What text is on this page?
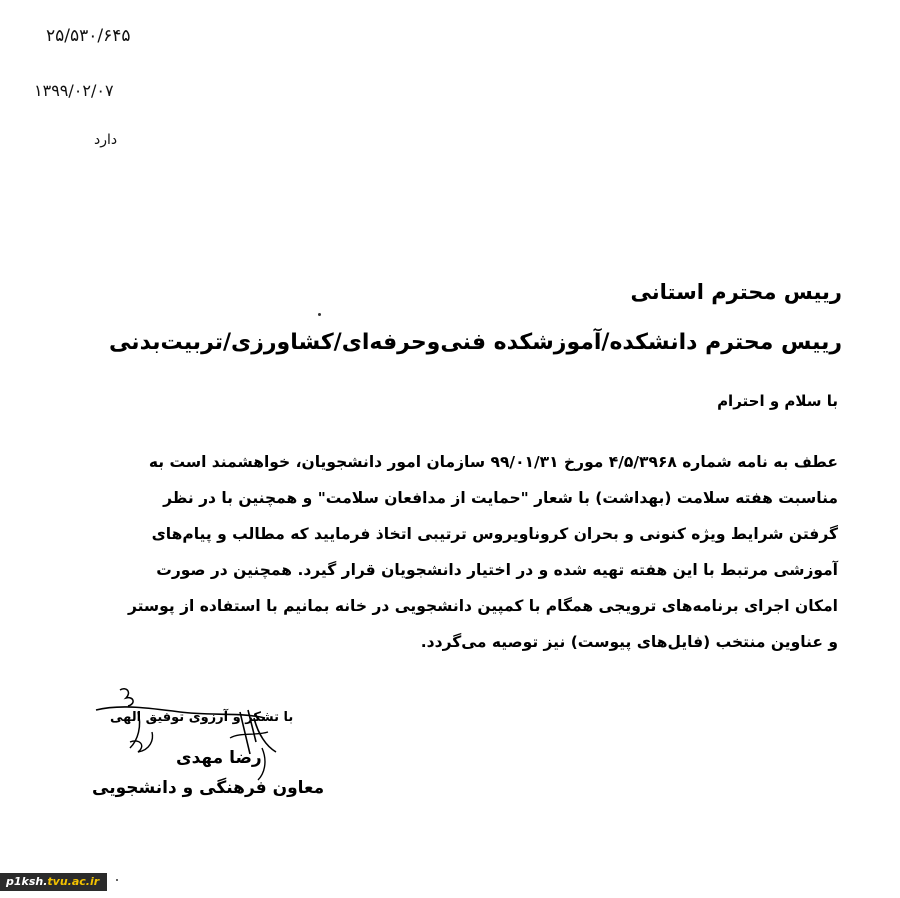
۲۵/۵۳۰/۶۴۵
۱۳۹۹/۰۲/۰۷
دارد
رییس محترم استانی
رییس محترم دانشکده/آموزشکده فنی‌وحرفه‌ای/کشاورزی/تربیت‌بدنی
با سلام و احترام
عطف به نامه شماره ۴/۵/۳۹۶۸ مورخ ۹۹/۰۱/۳۱ سازمان امور دانشجویان، خواهشمند است به
مناسبت هفته سلامت (بهداشت) با شعار "حمایت از مدافعان سلامت" و همچنین با در نظر
گرفتن شرایط ویژه کنونی و بحران کروناویروس ترتیبی اتخاذ فرمایید که مطالب و پیام‌های
آموزشی مرتبط با این هفته تهیه شده و در اختیار دانشجویان قرار گیرد. همچنین در صورت
امکان اجرای برنامه‌های ترویجی همگام با کمپین دانشجویی در خانه بمانیم با استفاده از پوستر
و عناوین منتخب (فایل‌های پیوست) نیز توصیه می‌گردد.
با تشکر و آرزوی توفیق الهی
رضا مهدی
معاون فرهنگی و دانشجویی
p1ksh.tvu.ac.ir
